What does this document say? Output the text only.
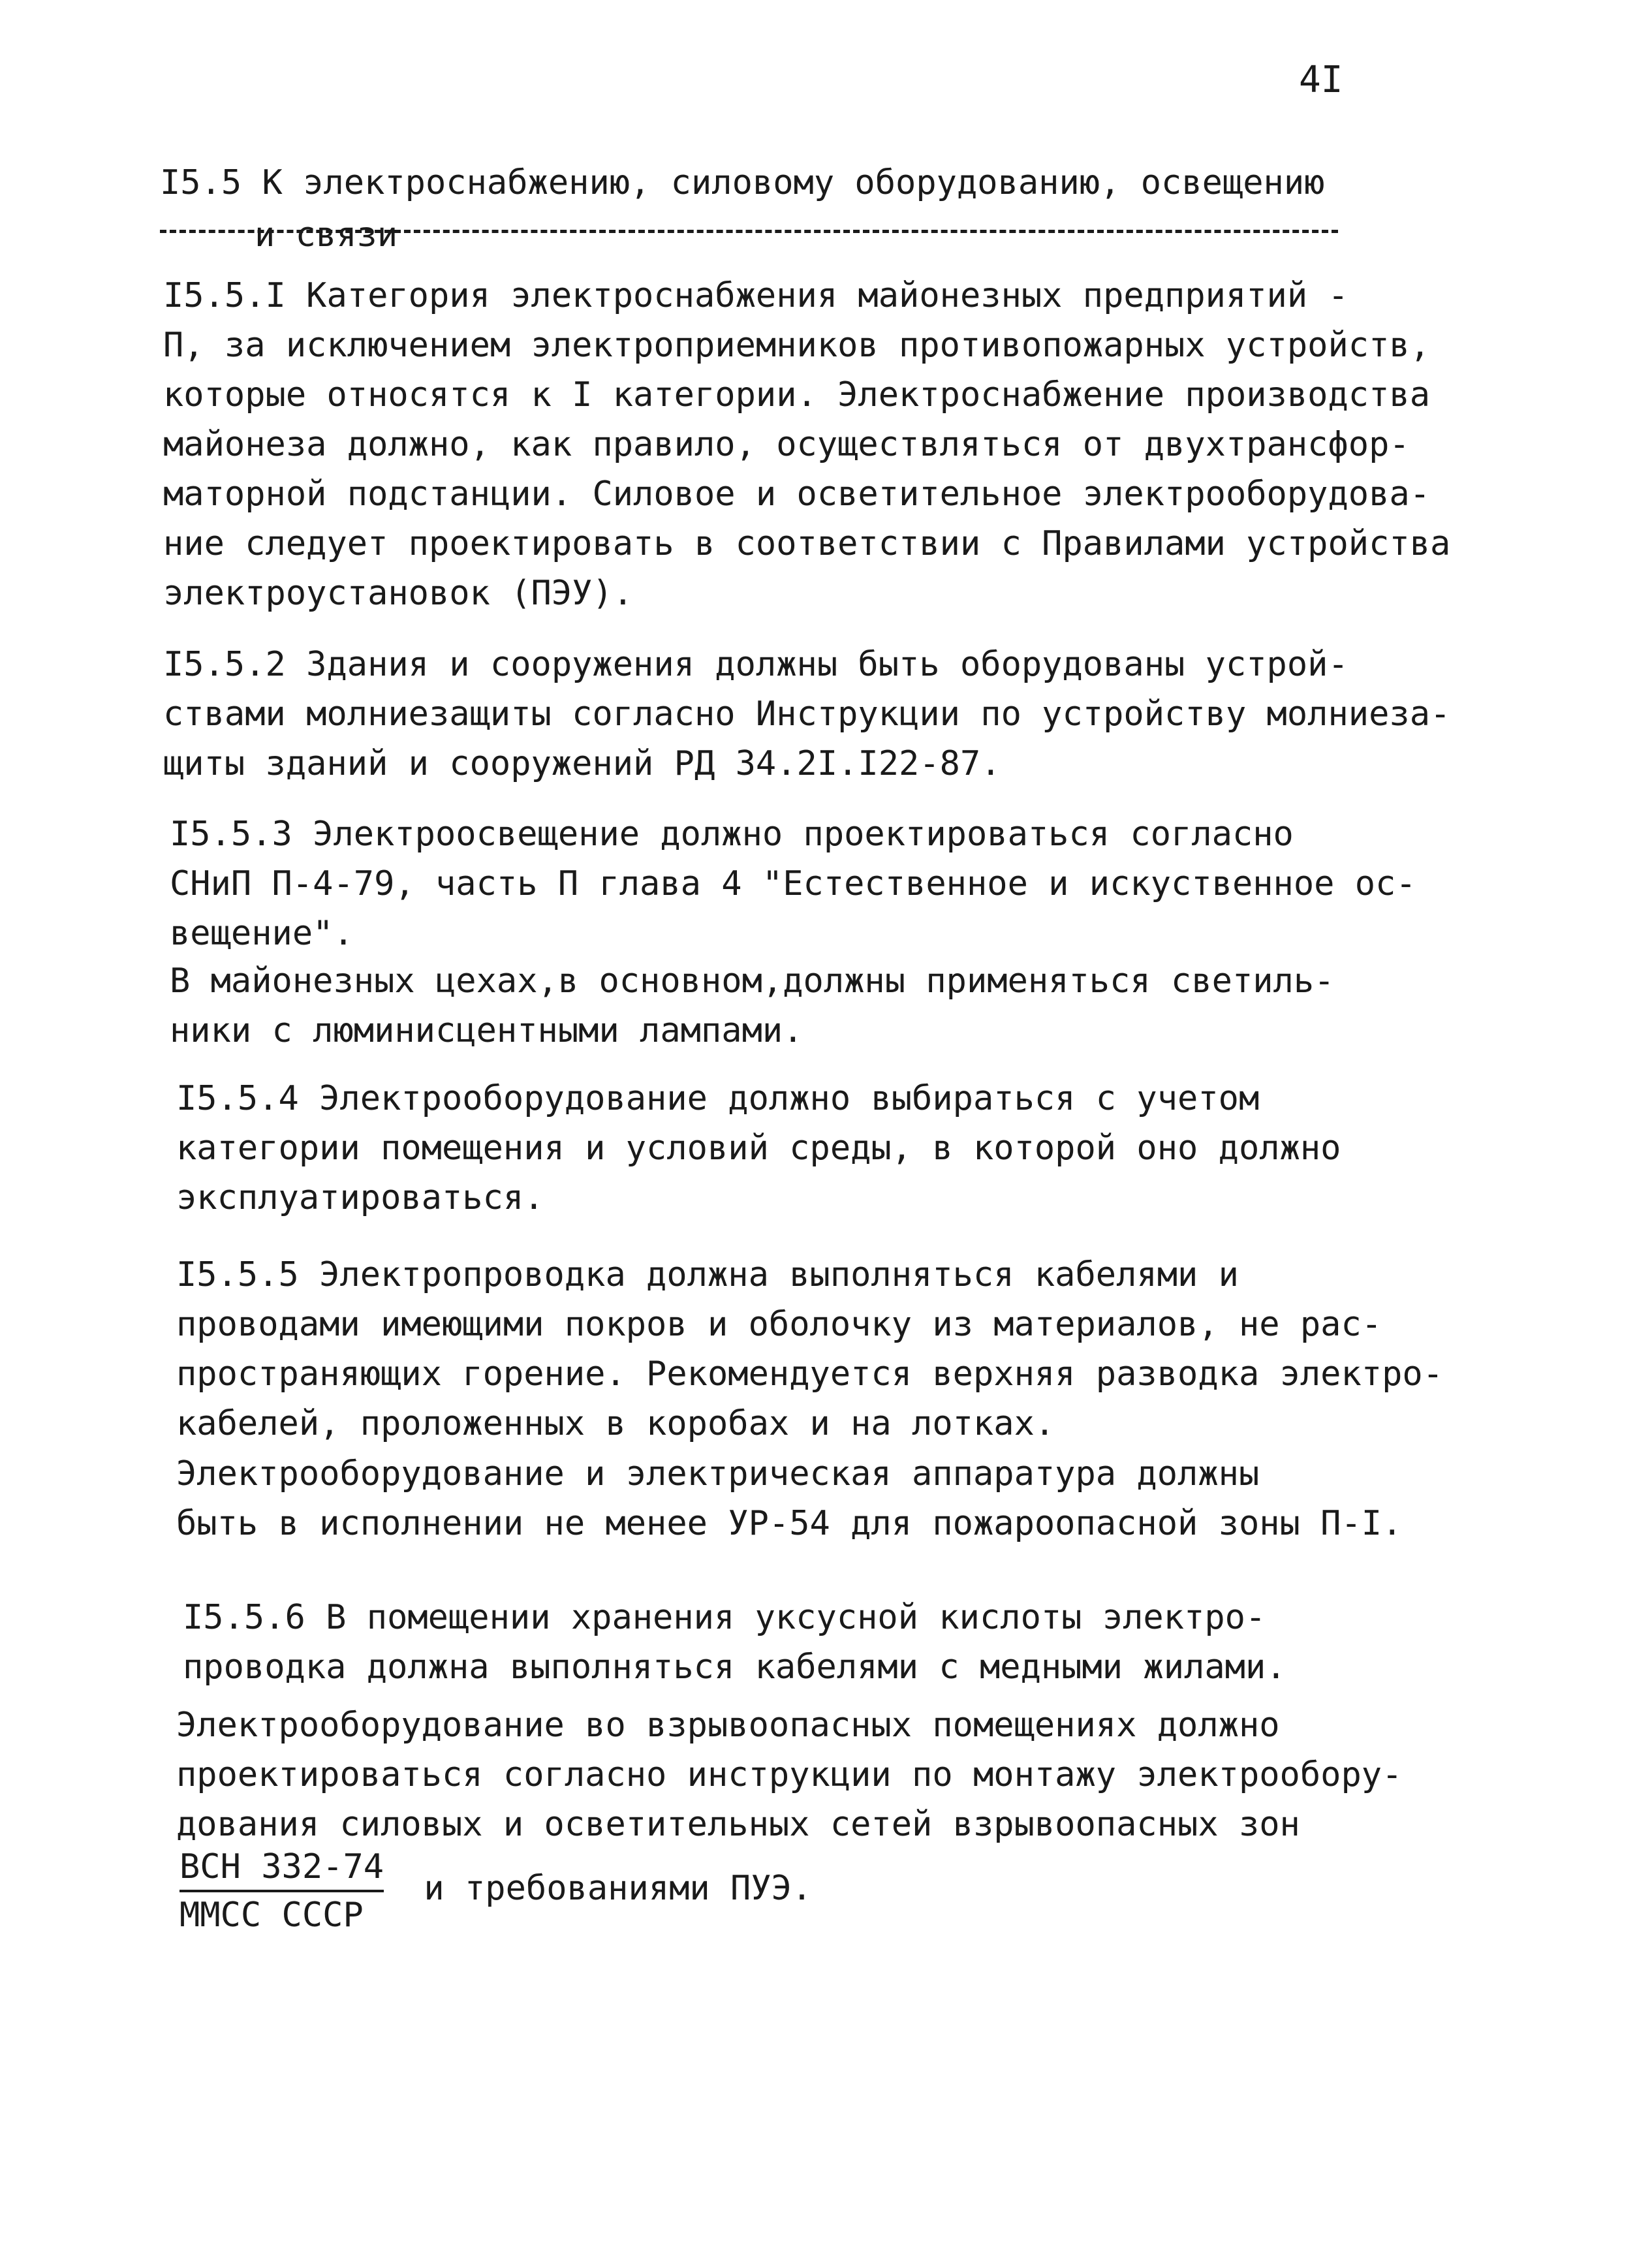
4I
I5.5 К электроснабжению, силовому оборудованию, освещению
и связи
I5.5.I Категория электроснабжения майонезных предприятий -
П, за исключением электроприемников противопожарных устройств,
которые относятся к I категории. Электроснабжение производства
майонеза должно, как правило, осуществляться от двухтрансфор-
маторной подстанции. Силовое и осветительное электрооборудова-
ние следует проектировать в соответствии с Правилами устройства
электроустановок (ПЭУ).
I5.5.2 Здания и сооружения должны быть оборудованы устрой-
ствами молниезащиты согласно Инструкции по устройству молниеза-
щиты зданий и сооружений РД 34.2I.I22-87.
I5.5.3 Электроосвещение должно проектироваться согласно
СНиП П-4-79, часть П глава 4 "Естественное и искуственное ос-
вещение".
В майонезных цехах,в основном,должны применяться светиль-
ники с люминисцентными лампами.
I5.5.4 Электрооборудование должно выбираться с учетом
категории помещения и условий среды, в которой оно должно
эксплуатироваться.
I5.5.5 Электропроводка должна выполняться кабелями и
проводами имеющими покров и оболочку из материалов, не рас-
пространяющих горение. Рекомендуется верхняя разводка электро-
кабелей, проложенных в коробах и на лотках.
Электрооборудование и электрическая аппаратура должны
быть в исполнении не менее УР-54 для пожароопасной зоны П-I.
I5.5.6 В помещении хранения уксусной кислоты электро-
проводка должна выполняться кабелями с медными жилами.
Электрооборудование во взрывоопасных помещениях должно
проектироваться согласно инструкции по монтажу электрообору-
дования силовых и осветительных сетей взрывоопасных зон
$\frac{\text{ВСН 332-74}}{\text{ММСС СССР}}$ и требованиями ПУЭ.
